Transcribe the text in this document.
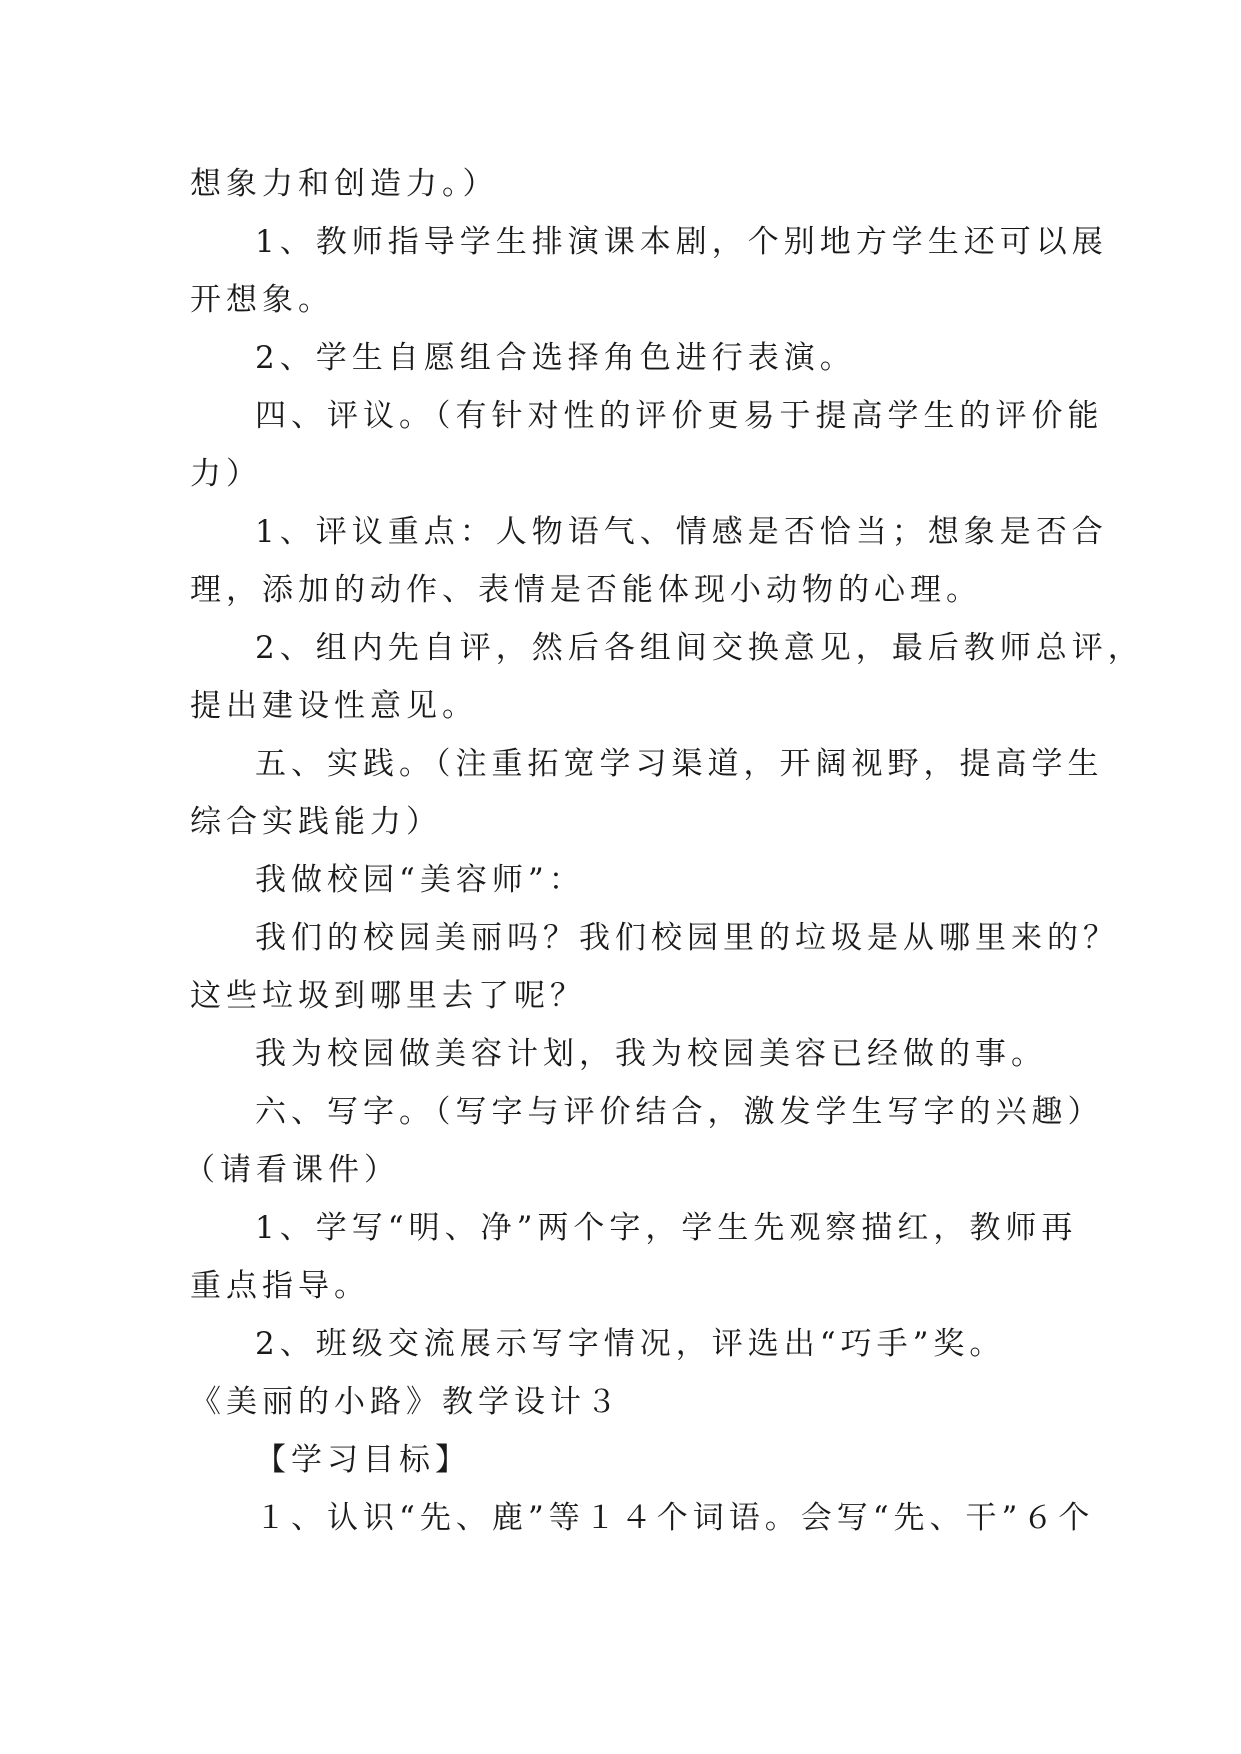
想象力和创造力。）
1、教师指导学生排演课本剧，个别地方学生还可以展
开想象。
2、学生自愿组合选择角色进行表演。
四、评议。（有针对性的评价更易于提高学生的评价能
力）
1、评议重点：人物语气、情感是否恰当；想象是否合
理，添加的动作、表情是否能体现小动物的心理。
2、组内先自评，然后各组间交换意见，最后教师总评，
提出建设性意见。
五、实践。（注重拓宽学习渠道，开阔视野，提高学生
综合实践能力）
我做校园“美容师”：
我们的校园美丽吗？我们校园里的垃圾是从哪里来的？
这些垃圾到哪里去了呢？
我为校园做美容计划，我为校园美容已经做的事。
六、写字。（写字与评价结合，激发学生写字的兴趣）
（请看课件）
1、学写“明、净”两个字，学生先观察描红，教师再
重点指导。
2、班级交流展示写字情况，评选出“巧手”奖。
《美丽的小路》教学设计３
【学习目标】
１、认识“先、鹿”等１４个词语。会写“先、干”６个
